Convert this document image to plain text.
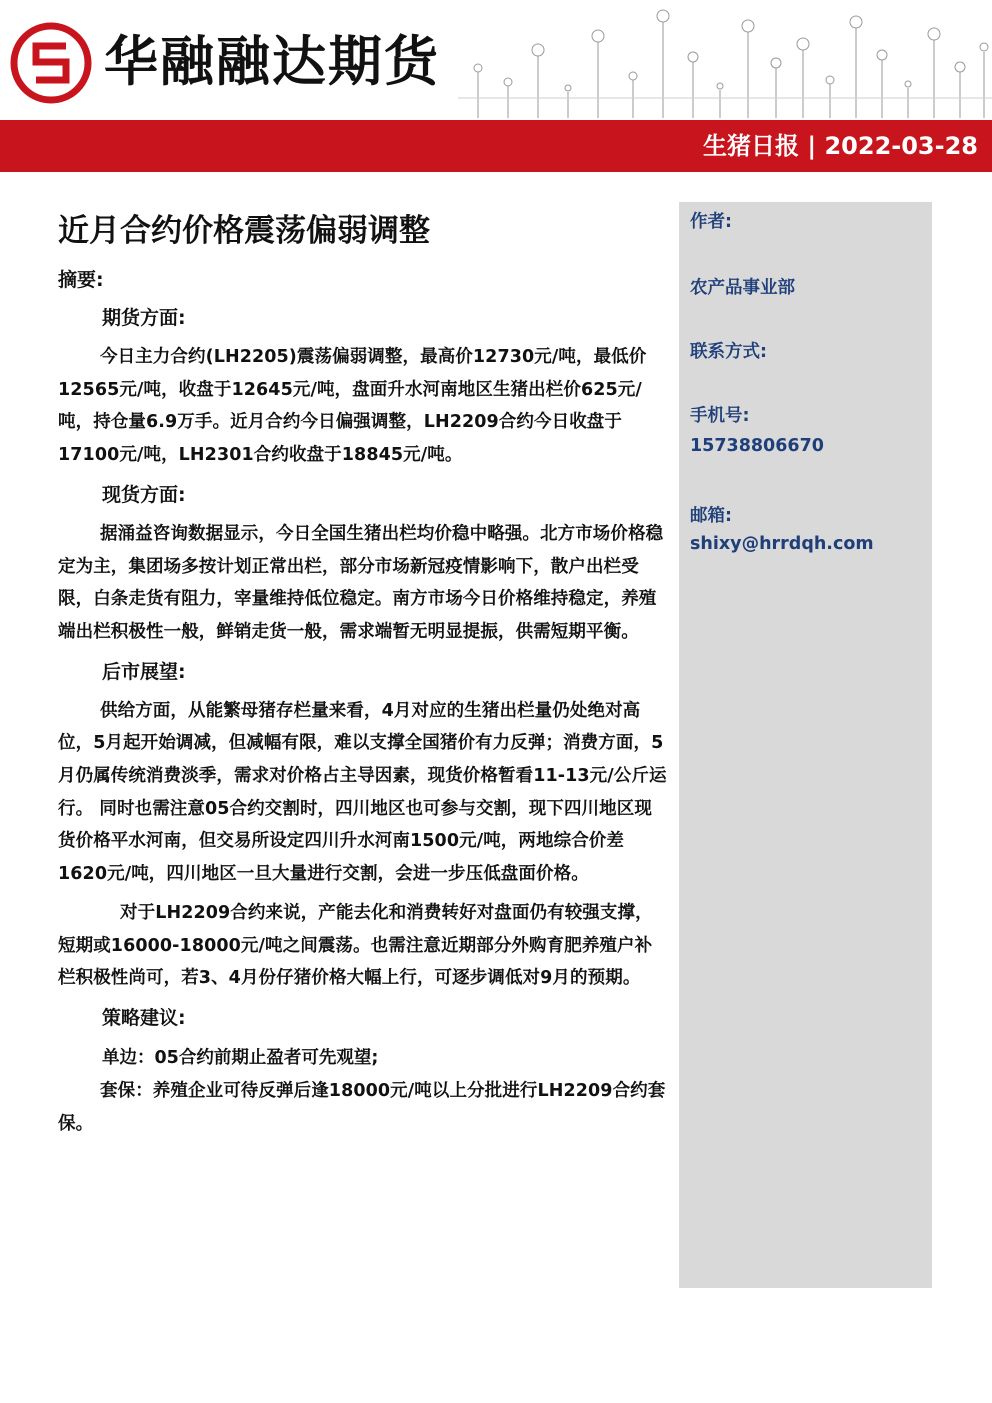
华融融达期货
生猪日报 | 2022-03-28
近月合约价格震荡偏弱调整
摘要:
期货方面:

今日主力合约(LH2205)震荡偏弱调整，最高价12730元/吨，最低价12565元/吨，收盘于12645元/吨，盘面升水河南地区生猪出栏价625元/吨，持仓量6.9万手。近月合约今日偏强调整，LH2209合约今日收盘于17100元/吨，LH2301合约收盘于18845元/吨。

现货方面:

据涌益咨询数据显示，今日全国生猪出栏均价稳中略强。北方市场价格稳定为主，集团场多按计划正常出栏，部分市场新冠疫情影响下，散户出栏受限，白条走货有阻力，宰量维持低位稳定。南方市场今日价格维持稳定，养殖端出栏积极性一般，鲜销走货一般，需求端暂无明显提振，供需短期平衡。

后市展望:

供给方面，从能繁母猪存栏量来看，4月对应的生猪出栏量仍处绝对高位，5月起开始调减，但减幅有限，难以支撑全国猪价有力反弹；消费方面，5月仍属传统消费淡季，需求对价格占主导因素，现货价格暂看11-13元/公斤运行。 同时也需注意05合约交割时，四川地区也可参与交割，现下四川地区现货价格平水河南，但交易所设定四川升水河南1500元/吨，两地综合价差1620元/吨，四川地区一旦大量进行交割，会进一步压低盘面价格。

对于LH2209合约来说，产能去化和消费转好对盘面仍有较强支撑，短期或16000-18000元/吨之间震荡。也需注意近期部分外购育肥养殖户补栏积极性尚可，若3、4月份仔猪价格大幅上行，可逐步调低对9月的预期。

策略建议:

单边：05合约前期止盈者可先观望;

套保：养殖企业可待反弹后逢18000元/吨以上分批进行LH2209合约套保。

作者:
农产品事业部
联系方式:
手机号:
15738806670
邮箱:
shixy@hrrdqh.com
